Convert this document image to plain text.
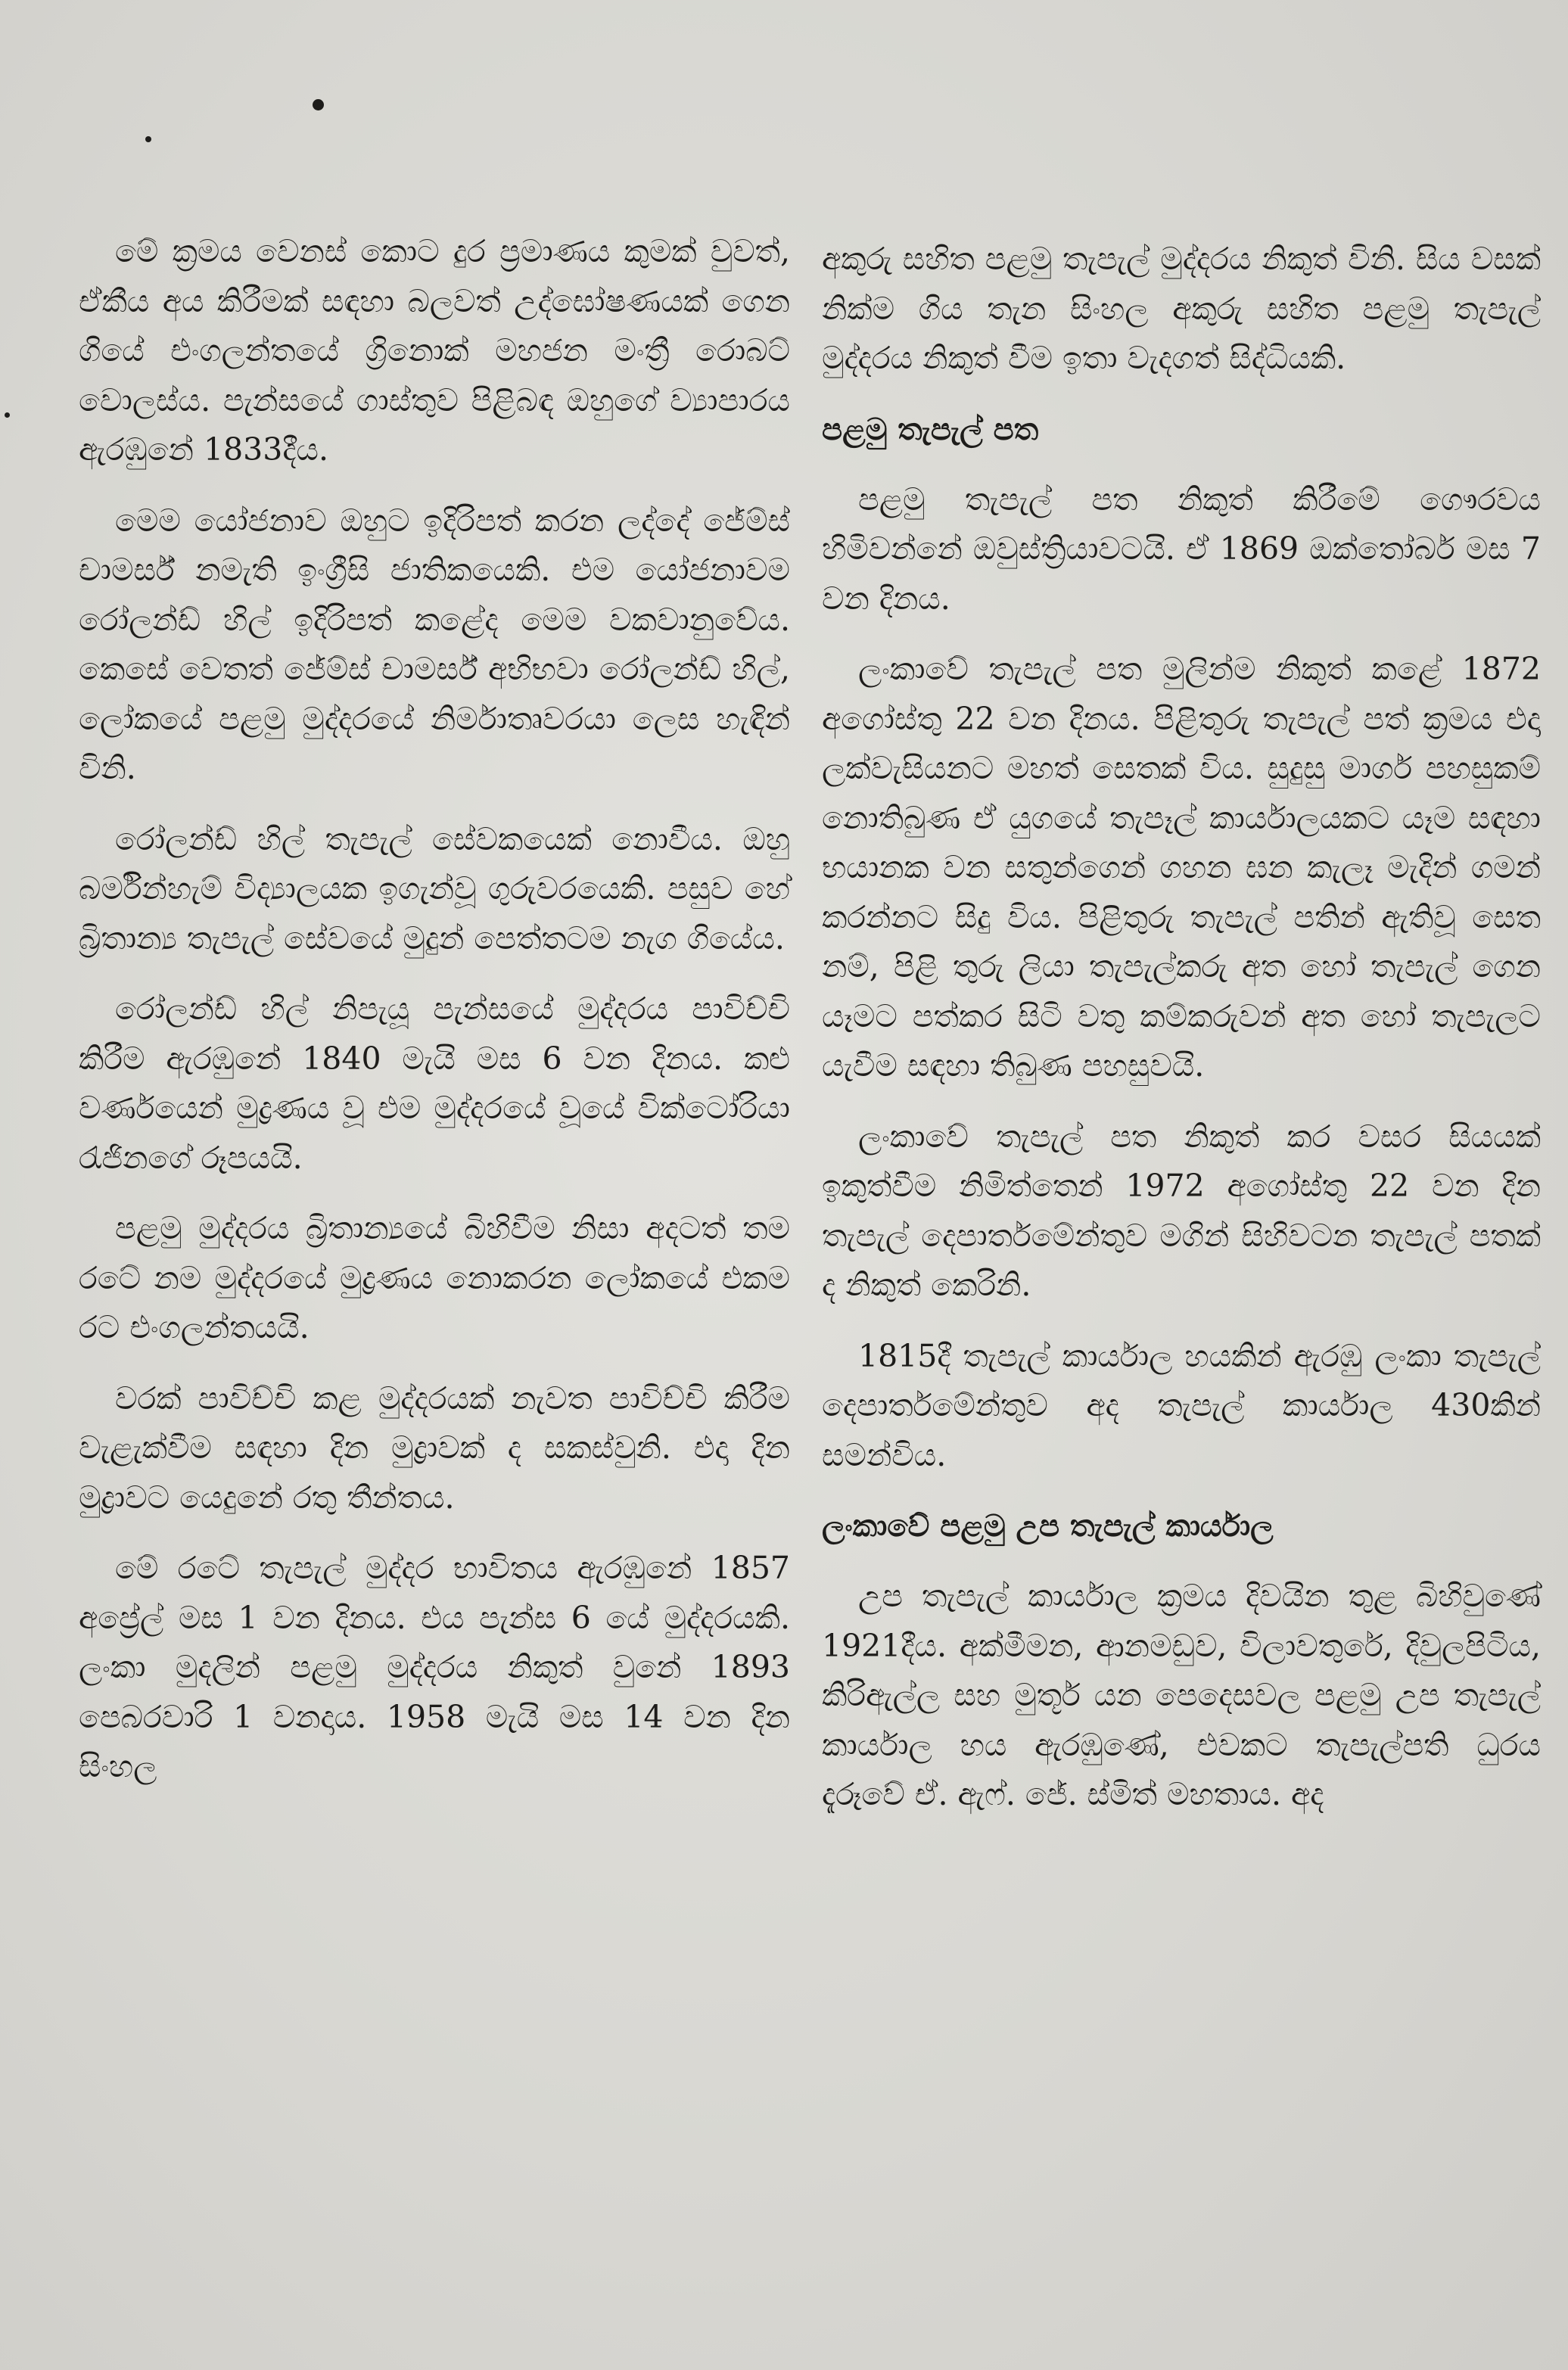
මේ ක්‍රමය වෙනස් කොට දුර ප්‍රමාණය කුමක් වුවත්, ඒකීය අය කිරීමක් සඳහා බලවත් උද්ඝෝෂණයක් ගෙන ගියේ එංගලන්තයේ ග්‍රිනොක් මහජන මංත්‍රී රොබට් වොලස්ය. පැන්සයේ ගාස්තුව පිළිබඳ ඔහුගේ ව්‍යාපාරය ඇරඹුනේ 1833දීය.

මෙම යෝජනාව ඔහුට ඉදිරිපත් කරන ලද්දේ ජේම්ස් චාමර්ස් නමැති ඉංග්‍රීසි ජාතිකයෙකි. එම යෝජනාවම රෝලන්ඩ් හිල් ඉදිරිපත් කළේද මෙම වකවානුවේය. කෙසේ වෙතත් ජේම්ස් චාමර්ස් අභිභවා රෝලන්ඩ් හිල්, ලෝකයේ පළමු මුද්දරයේ නිර්මාතෘවරයා ලෙස හැඳින් විනි.

රෝලන්ඩ් හිල් තැපැල් සේවකයෙක් නොවීය. ඔහු බර්මින්හැම් විද්‍යාලයක ඉගැන්වූ ගුරුවරයෙකි. පසුව හේ බ්‍රිතාන්‍ය තැපැල් සේවයේ මුදුන් පෙත්තටම නැග ගියේය.

රෝලන්ඩ් හිල් නිපැයූ පැන්සයේ මුද්දරය පාවිච්චි කිරීම ඇරඹුනේ 1840 මැයි මස 6 වන දිනය. කළු වර්ණයෙන් මුද්‍රණය වූ එම මුද්දරයේ වූයේ වික්ටෝරියා රැජිනගේ රූපයයි.

පළමු මුද්දරය බ්‍රිතාන්‍යයේ බිහිවීම නිසා අදටත් තම රටේ නම මුද්දරයේ මුද්‍රණය නොකරන ලෝකයේ එකම රට එංගලන්තයයි.

වරක් පාවිච්චි කළ මුද්දරයක් නැවත පාවිච්චි කිරීම වැළැක්වීම සඳහා දින මුද්‍රාවක් ද සකස්වුනි. එදා දින මුද්‍රාවට යෙදුනේ රතු තීන්තය.

මේ රටේ තැපැල් මුද්දර භාවිතය ඇරඹුනේ 1857 අප්‍රේල් මස 1 වන දිනය. එය පැන්ස 6 යේ මුද්දරයකි. ලංකා මුදලින් පළමු මුද්දරය නිකුත් වුනේ 1893 පෙබරවාරි 1 වනදාය. 1958 මැයි මස 14 වන දින සිංහල

අකුරු සහිත පළමු තැපැල් මුද්දරය නිකුත් විනි. සිය වසක් නික්ම ගිය තැන සිංහල අකුරු සහිත පළමු තැපැල් මුද්දරය නිකුත් වීම ඉතා වැදගත් සිද්ධියකි.

පළමු තැපැල් පත

පළමු තැපැල් පත නිකුත් කිරීමේ ගෞරවය හිමිවන්නේ ඔවුස්ත්‍රියාවටයි. ඒ 1869 ඔක්තෝබර් මස 7 වන දිනය.

ලංකාවේ තැපැල් පත මුලින්ම නිකුත් කළේ 1872 අගෝස්තු 22 වන දිනය. පිළිතුරු තැපැල් පත් ක්‍රමය එදා ලක්වැසියනට මහත් සෙතක් විය. සුදුසු මාර්ග පහසුකම් නොතිබුණ ඒ යුගයේ තැපෑල් කාර්යාලයකට යෑම සඳහා භයානක වන සතුන්ගෙන් ගහන ඝන කැලෑ මැදින් ගමන් කරන්නට සිදු විය. පිළිතුරු තැපැල් පතින් ඇතිවූ සෙත නම්, පිළි තුරු ලියා තැපැල්කරු අත හෝ තැපැල් ගෙන යෑමට පත්කර සිටි වතු කම්කරුවන් අත හෝ තැපැලට යැවීම සඳහා තිබුණ පහසුවයි.

ලංකාවේ තැපැල් පත නිකුත් කර වසර සියයක් ඉකුත්වීම නිමිත්තෙන් 1972 අගෝස්තු 22 වන දින තැපැල් දෙපාර්තමේන්තුව මගින් සිහිවටන තැපැල් පතක් ද නිකුත් කෙරිනි.

1815දී තැපැල් කාර්යාල හයකින් ඇරඹු ලංකා තැපැල් දෙපාර්තමේන්තුව අද තැපැල් කාර්යාල 430කින් සමන්විය.

ලංකාවේ පළමු උප තැපැල් කාර්යාල

උප තැපැල් කාර්යාල ක්‍රමය දිවයින තුළ බිහිවුණේ 1921දීය. අක්මීමන, ආනමඩුව, විලාවතුරේ, දිවුලපිටිය, කිරිඇල්ල සහ මුතූර් යන පෙදෙසවල පළමු උප තැපැල් කාර්යාල හය ඇරඹුණේ, එවකට තැපැල්පති ධුරය දැරූවේ ඒ. ඇෆ්. ජේ. ස්මිත් මහතාය. අද
